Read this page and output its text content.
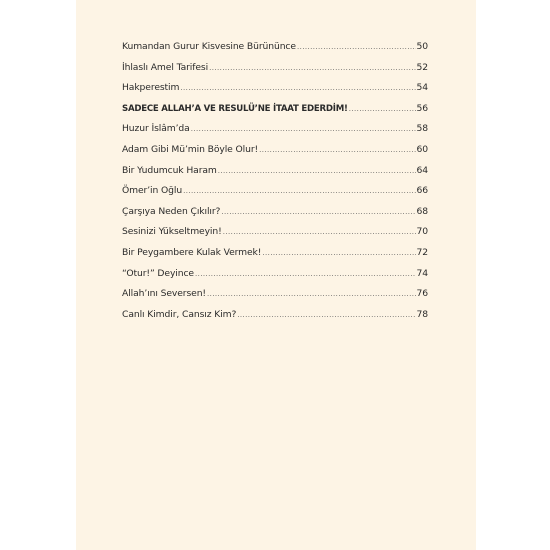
Kumandan Gurur Kisvesine Bürününce .....	50
İhlaslı Amel Tarifesi .....	52
Hakperestim .....	54
SADECE ALLAH’A VE RESULÜ’NE İTAAT EDERDİM! .....	56
Huzur İslâm’da .....	58
Adam Gibi Mü’min Böyle Olur! .....	60
Bir Yudumcuk Haram .....	64
Ömer’in Oğlu .....	66
Çarşıya Neden Çıkılır? .....	68
Sesinizi Yükseltmeyin! .....	70
Bir Peygambere Kulak Vermek! .....	72
“Otur!” Deyince .....	74
Allah’ını Seversen! .....	76
Canlı Kimdir, Cansız Kim? .....	78
